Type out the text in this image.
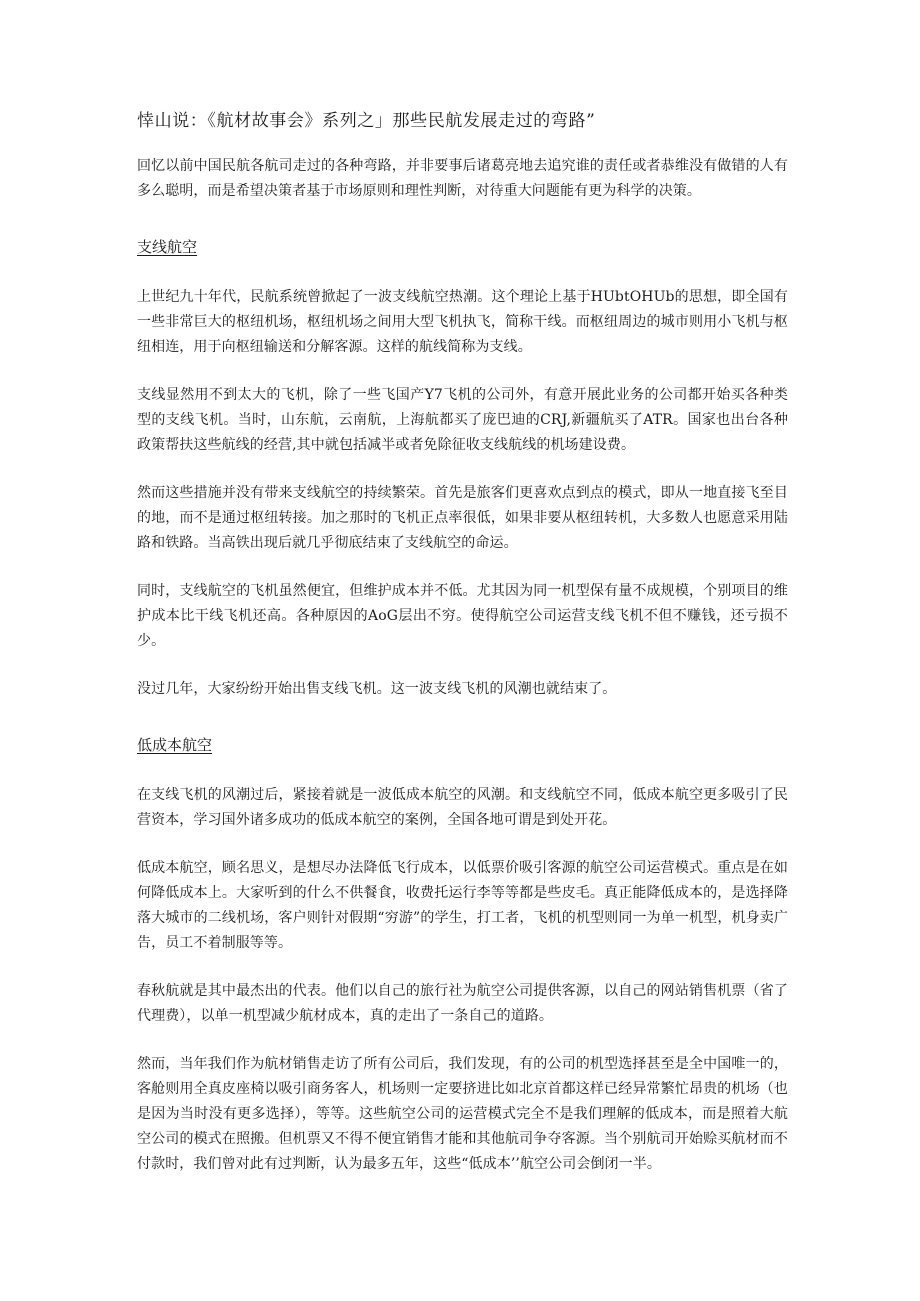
悻山说：《航材故事会》系列之」那些民航发展走过的弯路”

回忆以前中国民航各航司走过的各种弯路，并非要事后诸葛亮地去追究谁的责任或者恭维没有做错的人有多么聪明，而是希望决策者基于市场原则和理性判断，对待重大问题能有更为科学的决策。

支线航空

上世纪九十年代，民航系统曾掀起了一波支线航空热潮。这个理论上基于HUbtOHUb的思想，即全国有一些非常巨大的枢纽机场，枢纽机场之间用大型飞机执飞，简称干线。而枢纽周边的城市则用小飞机与枢纽相连，用于向枢纽输送和分解客源。这样的航线简称为支线。

支线显然用不到太大的飞机，除了一些飞国产Y7飞机的公司外，有意开展此业务的公司都开始买各种类型的支线飞机。当时，山东航，云南航，上海航都买了庞巴迪的CRJ,新疆航买了ATR。国家也出台各种政策帮扶这些航线的经营,其中就包括减半或者免除征收支线航线的机场建设费。

然而这些措施并没有带来支线航空的持续繁荣。首先是旅客们更喜欢点到点的模式，即从一地直接飞至目的地，而不是通过枢纽转接。加之那时的飞机正点率很低，如果非要从枢纽转机，大多数人也愿意采用陆路和铁路。当高铁出现后就几乎彻底结束了支线航空的命运。

同时，支线航空的飞机虽然便宜，但维护成本并不低。尤其因为同一机型保有量不成规模，个别项目的维护成本比干线飞机还高。各种原因的AoG层出不穷。使得航空公司运营支线飞机不但不赚钱，还亏损不少。

没过几年，大家纷纷开始出售支线飞机。这一波支线飞机的风潮也就结束了。

低成本航空

在支线飞机的风潮过后，紧接着就是一波低成本航空的风潮。和支线航空不同，低成本航空更多吸引了民营资本，学习国外诸多成功的低成本航空的案例，全国各地可谓是到处开花。

低成本航空，顾名思义，是想尽办法降低飞行成本，以低票价吸引客源的航空公司运营模式。重点是在如何降低成本上。大家听到的什么不供餐食，收费托运行李等等都是些皮毛。真正能降低成本的，是选择降落大城市的二线机场，客户则针对假期“穷游”的学生，打工者，飞机的机型则同一为单一机型，机身卖广告，员工不着制服等等。

春秋航就是其中最杰出的代表。他们以自己的旅行社为航空公司提供客源，以自己的网站销售机票（省了代理费），以单一机型减少航材成本，真的走出了一条自己的道路。

然而，当年我们作为航材销售走访了所有公司后，我们发现，有的公司的机型选择甚至是全中国唯一的，客舱则用全真皮座椅以吸引商务客人，机场则一定要挤进比如北京首都这样已经异常繁忙昂贵的机场（也是因为当时没有更多选择），等等。这些航空公司的运营模式完全不是我们理解的低成本，而是照着大航空公司的模式在照搬。但机票又不得不便宜销售才能和其他航司争夺客源。当个别航司开始赊买航材而不付款时，我们曾对此有过判断，认为最多五年，这些“低成本’’航空公司会倒闭一半。
